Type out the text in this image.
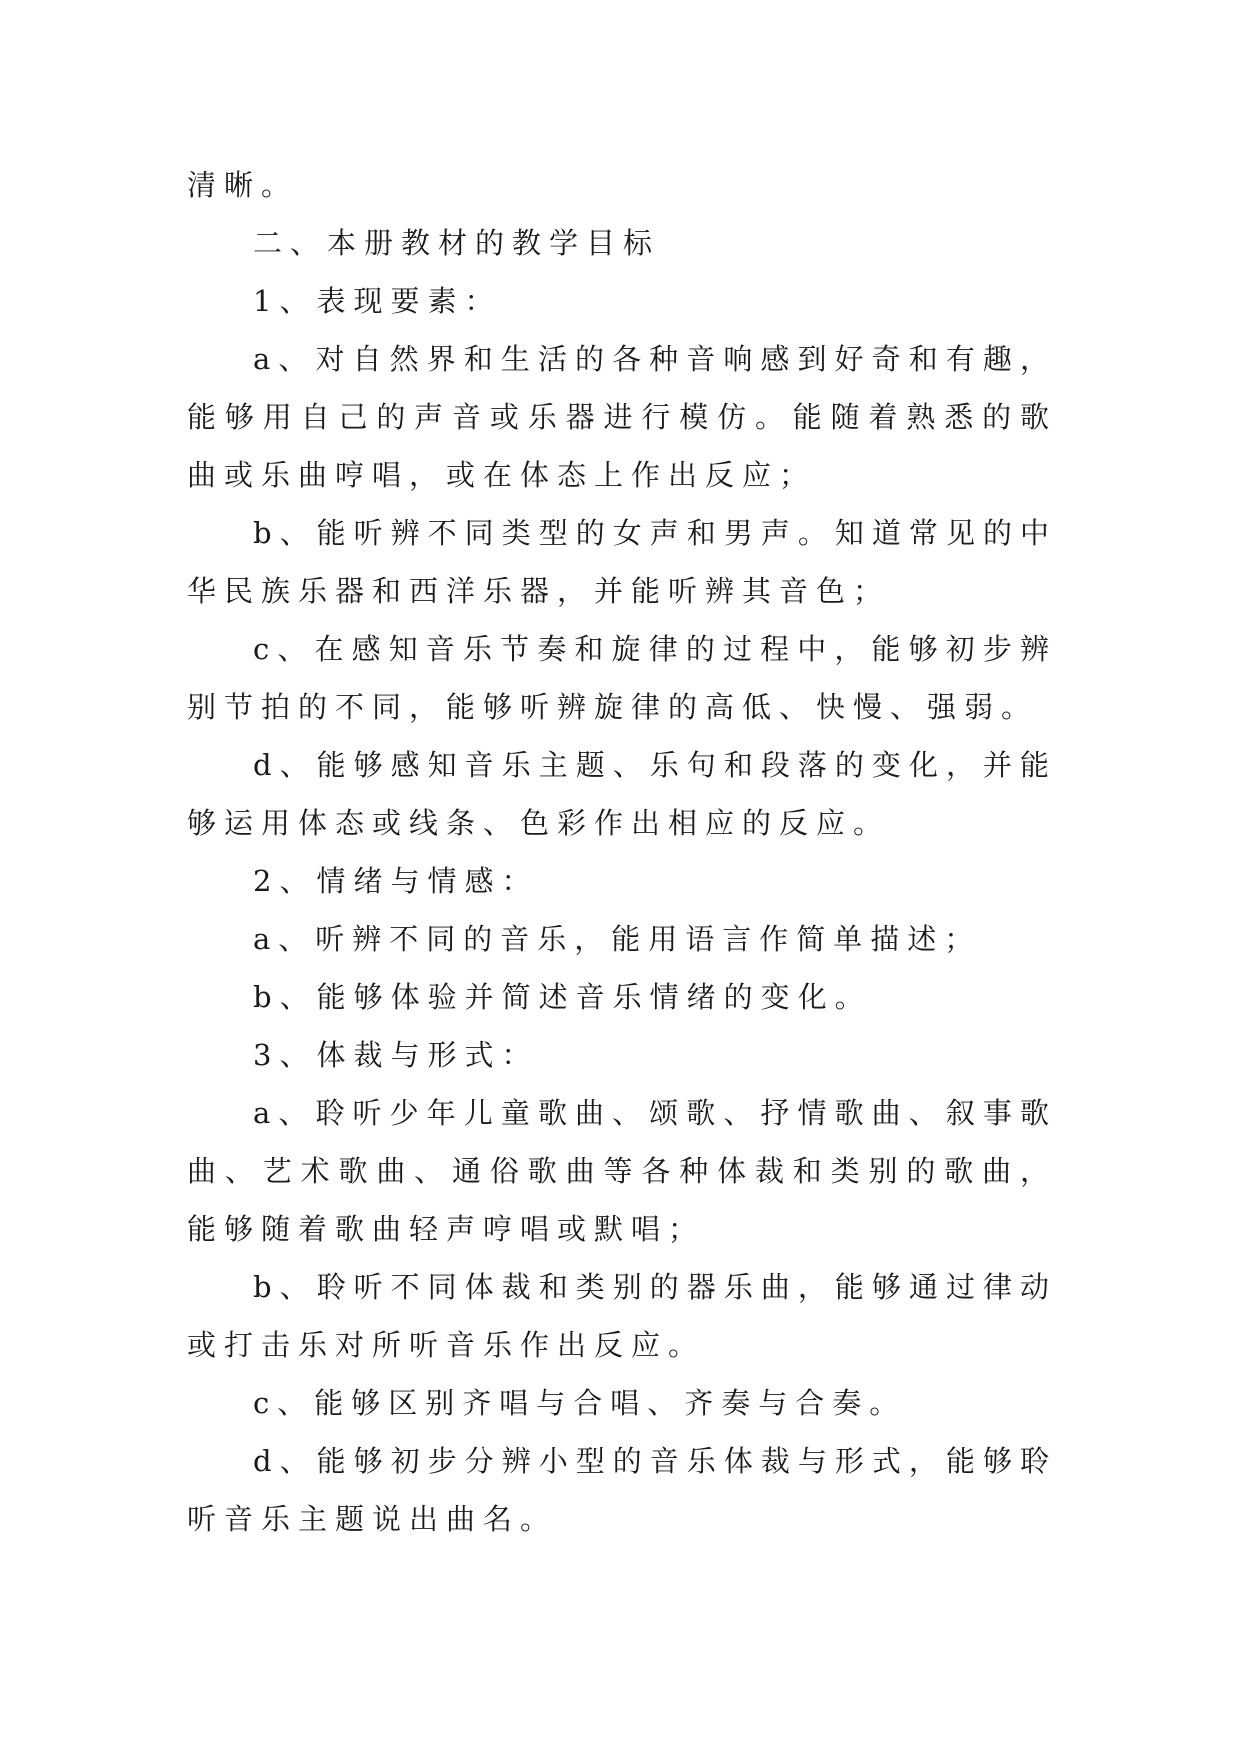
清晰。

二、本册教材的教学目标

1、表现要素：

a、对自然界和生活的各种音响感到好奇和有趣，能够用自己的声音或乐器进行模仿。能随着熟悉的歌曲或乐曲哼唱，或在体态上作出反应；

b、能听辨不同类型的女声和男声。知道常见的中华民族乐器和西洋乐器，并能听辨其音色；

c、在感知音乐节奏和旋律的过程中，能够初步辨别节拍的不同，能够听辨旋律的高低、快慢、强弱。

d、能够感知音乐主题、乐句和段落的变化，并能够运用体态或线条、色彩作出相应的反应。

2、情绪与情感：

a、听辨不同的音乐，能用语言作简单描述；

b、能够体验并简述音乐情绪的变化。

3、体裁与形式：

a、聆听少年儿童歌曲、颂歌、抒情歌曲、叙事歌曲、艺术歌曲、通俗歌曲等各种体裁和类别的歌曲，能够随着歌曲轻声哼唱或默唱；

b、聆听不同体裁和类别的器乐曲，能够通过律动或打击乐对所听音乐作出反应。

c、能够区别齐唱与合唱、齐奏与合奏。

d、能够初步分辨小型的音乐体裁与形式，能够聆听音乐主题说出曲名。
